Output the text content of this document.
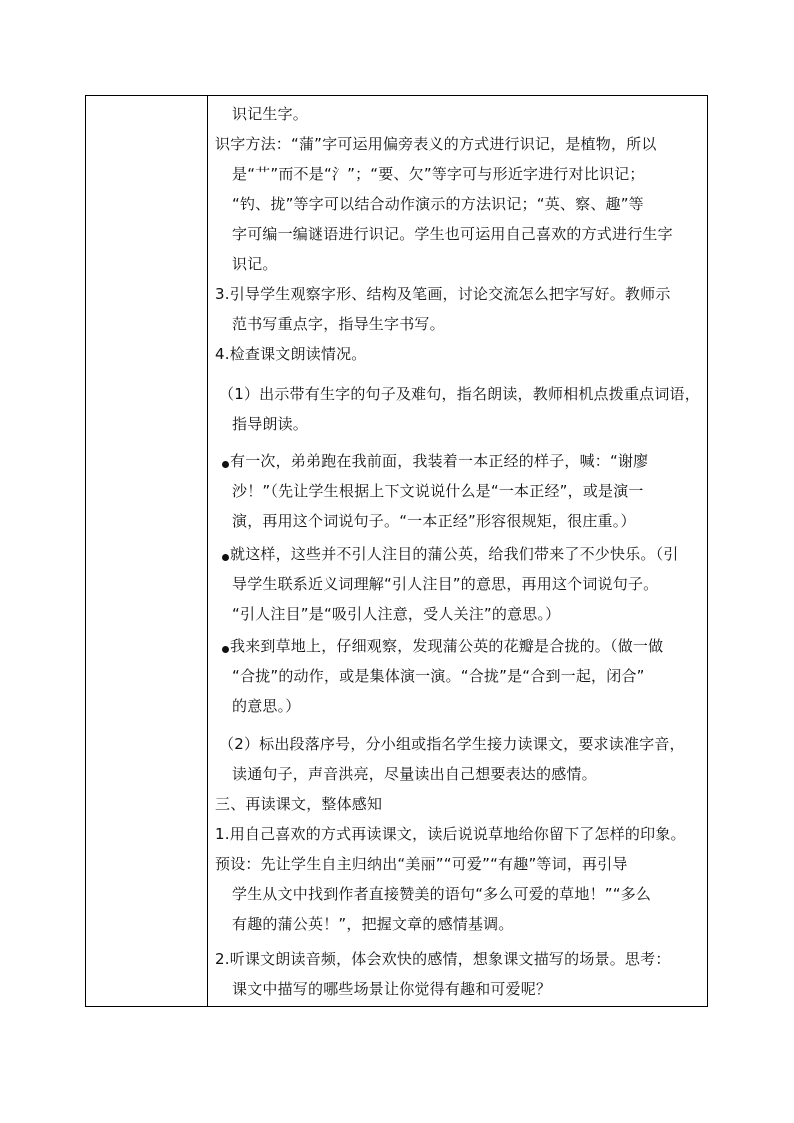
识记生字。
识字方法：“蒲”字可运用偏旁表义的方式进行识记，是植物，所以
是“艹”而不是“氵”；“要、欠”等字可与形近字进行对比识记；
“钓、拢”等字可以结合动作演示的方法识记；“英、察、趣”等
字可编一编谜语进行识记。学生也可运用自己喜欢的方式进行生字
识记。
3.引导学生观察字形、结构及笔画，讨论交流怎么把字写好。教师示
范书写重点字，指导生字书写。
4.检查课文朗读情况。
（1）出示带有生字的句子及难句，指名朗读，教师相机点拨重点词语，
指导朗读。
有一次，弟弟跑在我前面，我装着一本正经的样子，喊：“谢廖
沙！”（先让学生根据上下文说说什么是“一本正经”，或是演一
演，再用这个词说句子。“一本正经”形容很规矩，很庄重。）
就这样，这些并不引人注目的蒲公英，给我们带来了不少快乐。（引
导学生联系近义词理解“引人注目”的意思，再用这个词说句子。
“引人注目”是“吸引人注意，受人关注”的意思。）
我来到草地上，仔细观察，发现蒲公英的花瓣是合拢的。（做一做
“合拢”的动作，或是集体演一演。“合拢”是“合到一起，闭合”
的意思。）
（2）标出段落序号，分小组或指名学生接力读课文，要求读准字音，
读通句子，声音洪亮，尽量读出自己想要表达的感情。
三、再读课文，整体感知
1.用自己喜欢的方式再读课文，读后说说草地给你留下了怎样的印象。
预设：先让学生自主归纳出“美丽”“可爱”“有趣”等词，再引导
学生从文中找到作者直接赞美的语句“多么可爱的草地！”“多么
有趣的蒲公英！”，把握文章的感情基调。
2.听课文朗读音频，体会欢快的感情，想象课文描写的场景。思考：
课文中描写的哪些场景让你觉得有趣和可爱呢？
